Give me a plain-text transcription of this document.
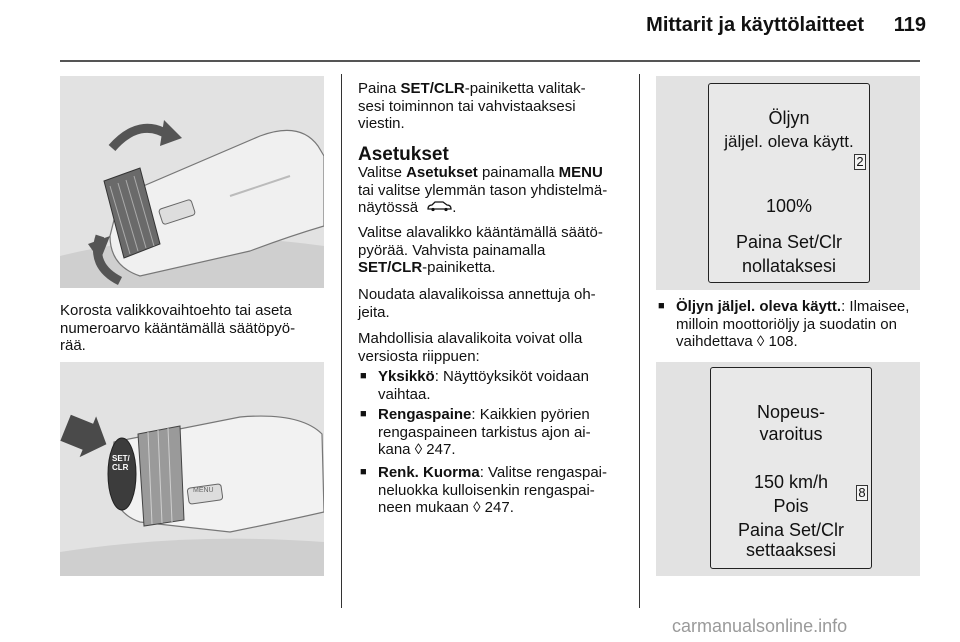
Mittarit ja käyttölaitteet	119
Korosta valikkovaihtoehto tai aseta
numeroarvo kääntämällä säätöpyö-
rää.
SET/CLR
MENU
Paina SET/CLR-painiketta valitak-
sesi toiminnon tai vahvistaaksesi
viestin.
Asetukset
Valitse Asetukset painamalla MENU
tai valitse ylemmän tason yhdistelmä-
näytössä .
Valitse alavalikko kääntämällä säätö-
pyörää. Vahvista painamalla
SET/CLR-painiketta.
Noudata alavalikoissa annettuja oh-
jeita.
Mahdollisia alavalikoita voivat olla
versiosta riippuen:
■ Yksikkö: Näyttöyksiköt voidaan
vaihtaa.
■ Rengaspaine: Kaikkien pyörien
rengaspaineen tarkistus ajon ai-
kana ◊ 247.
■ Renk. Kuorma: Valitse rengaspai-
neluokka kulloisenkin rengaspai-
neen mukaan ◊ 247.
Öljyn
jäljel. oleva käytt.
100%
Paina Set/Clr
nollataksesi
2
■ Öljyn jäljel. oleva käytt.: Ilmaisee,
milloin moottoriöljy ja suodatin on
vaihdettava ◊ 108.
Nopeus-
varoitus
150 km/h
Pois
Paina Set/Clr
settaaksesi
8
carmanualsonline.info
